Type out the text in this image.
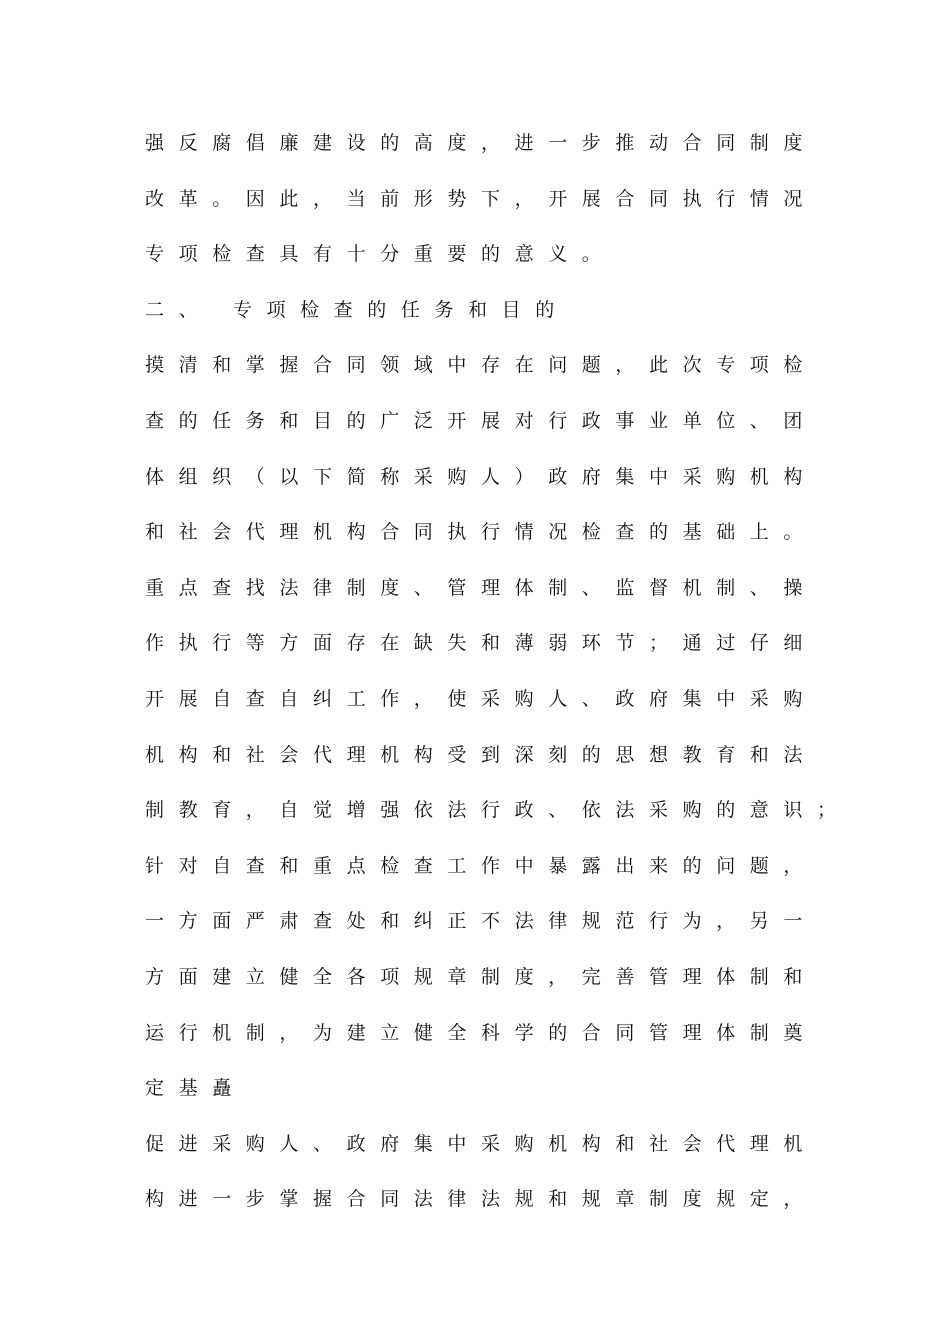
强反腐倡廉建设的高度，进一步推动合同制度
改革。因此，当前形势下，开展合同执行情况
专项检查具有十分重要的意义。
二、 专项检查的任务和目的
摸清和掌握合同领域中存在问题，此次专项检
查的任务和目的广泛开展对行政事业单位、团
体组织（以下简称采购人）政府集中采购机构
和社会代理机构合同执行情况检查的基础上。
重点查找法律制度、管理体制、监督机制、操
作执行等方面存在缺失和薄弱环节；通过仔细
开展自查自纠工作，使采购人、政府集中采购
机构和社会代理机构受到深刻的思想教育和法
制教育，自觉增强依法行政、依法采购的意识；
针对自查和重点检查工作中暴露出来的问题，
一方面严肃查处和纠正不法律规范行为，另一
方面建立健全各项规章制度，完善管理体制和
运行机制，为建立健全科学的合同管理体制奠
定基矗
促进采购人、政府集中采购机构和社会代理机
构进一步掌握合同法律法规和规章制度规定，
